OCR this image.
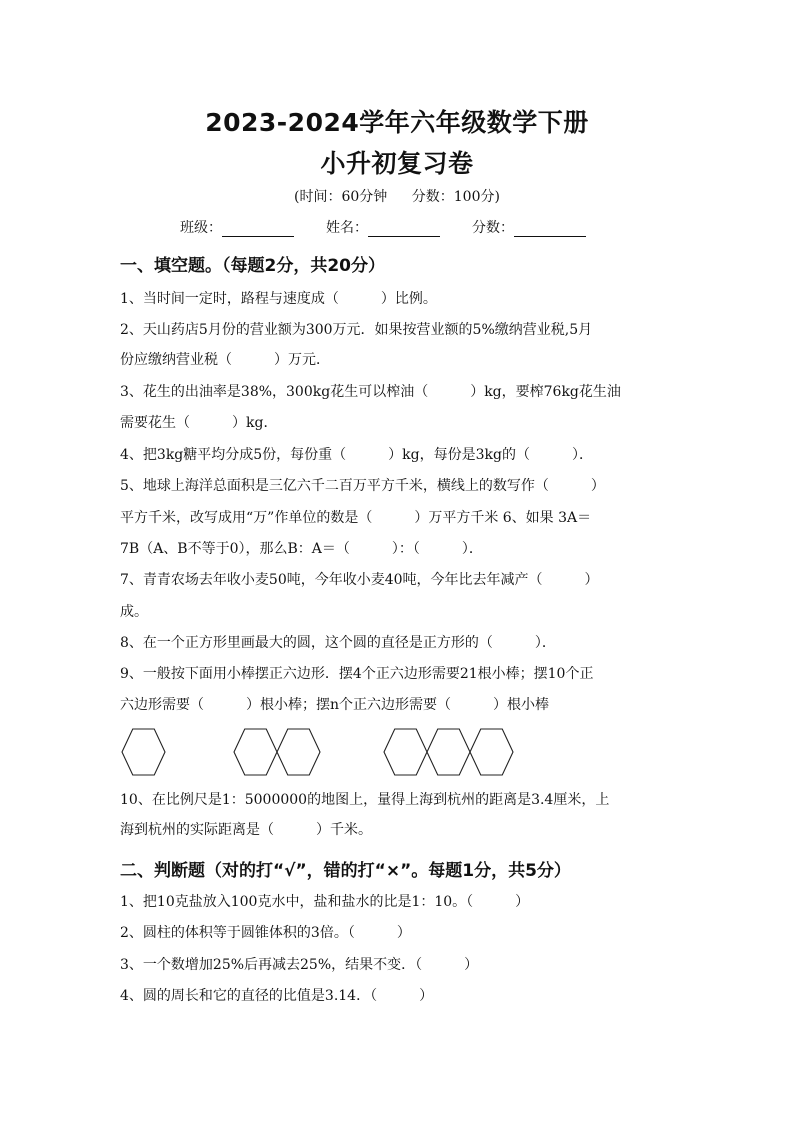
2023-2024学年六年级数学下册
小升初复习卷
(时间：60分钟 分数：100分)
班级：	姓名：	分数：
一、填空题。（每题2分，共20分）
1、当时间一定时，路程与速度成（　　　）比例。
2、天山药店5月份的营业额为300万元．如果按营业额的5%缴纳营业税,5月
份应缴纳营业税（　　　）万元．
3、花生的出油率是38%，300kg花生可以榨油（　　　）kg，要榨76kg花生油
需要花生（　　　）kg．
4、把3kg糖平均分成5份，每份重（　　　）kg，每份是3kg的（　　　）．
5、地球上海洋总面积是三亿六千二百万平方千米，横线上的数写作（　　　）
平方千米，改写成用“万”作单位的数是（　　　）万平方千米 6、如果 3A＝
7B（A、B不等于0），那么B：A＝（　　　）：（　　　）．
7、青青农场去年收小麦50吨，今年收小麦40吨，今年比去年减产（　　　）
成。
8、在一个正方形里画最大的圆，这个圆的直径是正方形的（　　　）．
9、一般按下面用小棒摆正六边形．摆4个正六边形需要21根小棒；摆10个正
六边形需要（　　　）根小棒；摆n个正六边形需要（　　　）根小棒
10、在比例尺是1：5000000的地图上，量得上海到杭州的距离是3.4厘米，上
海到杭州的实际距离是（　　　）千米。
二、判断题（对的打“√”，错的打“×”。每题1分，共5分）
1、把10克盐放入100克水中，盐和盐水的比是1：10。（　　　）
2、圆柱的体积等于圆锥体积的3倍。（　　　）
3、一个数增加25%后再减去25%，结果不变．（　　　）
4、圆的周长和它的直径的比值是3.14．（　　　）
